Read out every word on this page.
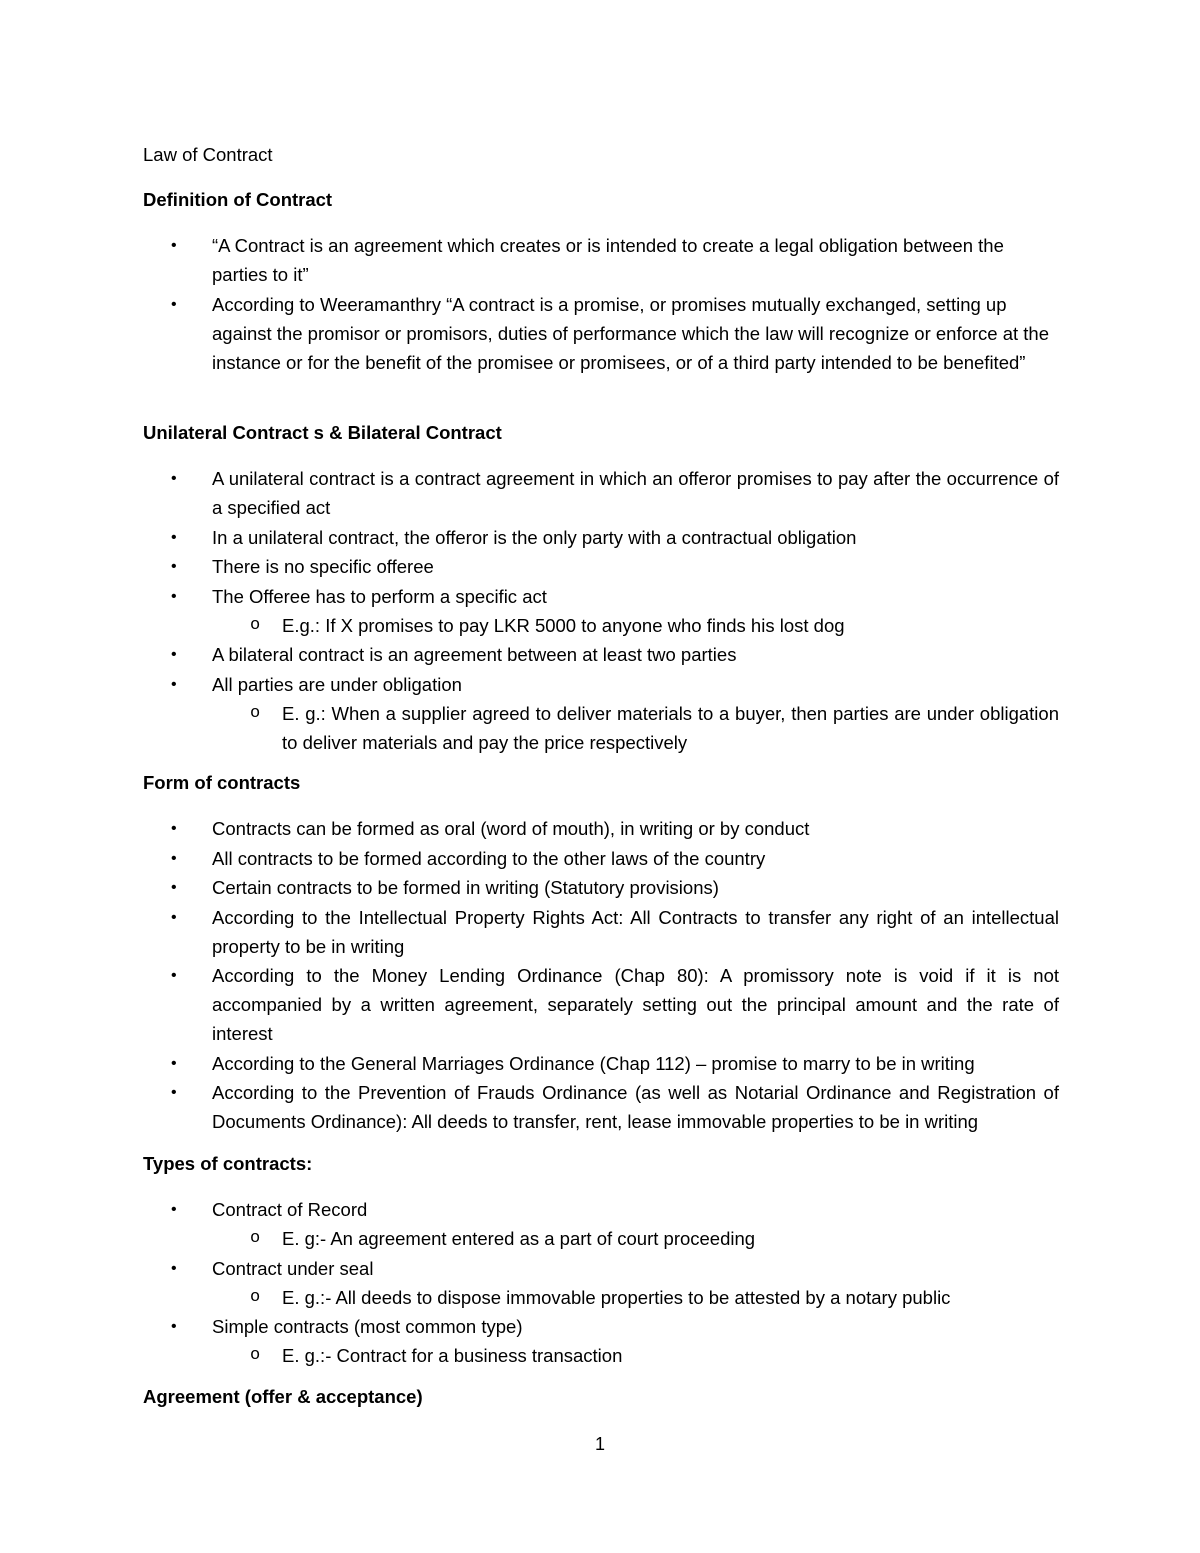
Law of Contract
Definition of Contract
• “A Contract is an agreement which creates or is intended to create a legal obligation between the parties to it”
• According to Weeramanthry “A contract is a promise, or promises mutually exchanged, setting up against the promisor or promisors, duties of performance which the law will recognize or enforce at the instance or for the benefit of the promisee or promisees, or of a third party intended to be benefited”
Unilateral Contract s & Bilateral Contract
• A unilateral contract is a contract agreement in which an offeror promises to pay after the occurrence of a specified act
• In a unilateral contract, the offeror is the only party with a contractual obligation
• There is no specific offeree
• The Offeree has to perform a specific act
o E.g.: If X promises to pay LKR 5000 to anyone who finds his lost dog
• A bilateral contract is an agreement between at least two parties
• All parties are under obligation
o E. g.: When a supplier agreed to deliver materials to a buyer, then parties are under obligation to deliver materials and pay the price respectively
Form of contracts
• Contracts can be formed as oral (word of mouth), in writing or by conduct
• All contracts to be formed according to the other laws of the country
• Certain contracts to be formed in writing (Statutory provisions)
• According to the Intellectual Property Rights Act: All Contracts to transfer any right of an intellectual property to be in writing
• According to the Money Lending Ordinance (Chap 80): A promissory note is void if it is not accompanied by a written agreement, separately setting out the principal amount and the rate of interest
• According to the General Marriages Ordinance (Chap 112) – promise to marry to be in writing
• According to the Prevention of Frauds Ordinance (as well as Notarial Ordinance and Registration of Documents Ordinance): All deeds to transfer, rent, lease immovable properties to be in writing
Types of contracts:
• Contract of Record
o E. g:- An agreement entered as a part of court proceeding
• Contract under seal
o E. g.:- All deeds to dispose immovable properties to be attested by a notary public
• Simple contracts (most common type)
o E. g.:- Contract for a business transaction
Agreement (offer & acceptance)
1
